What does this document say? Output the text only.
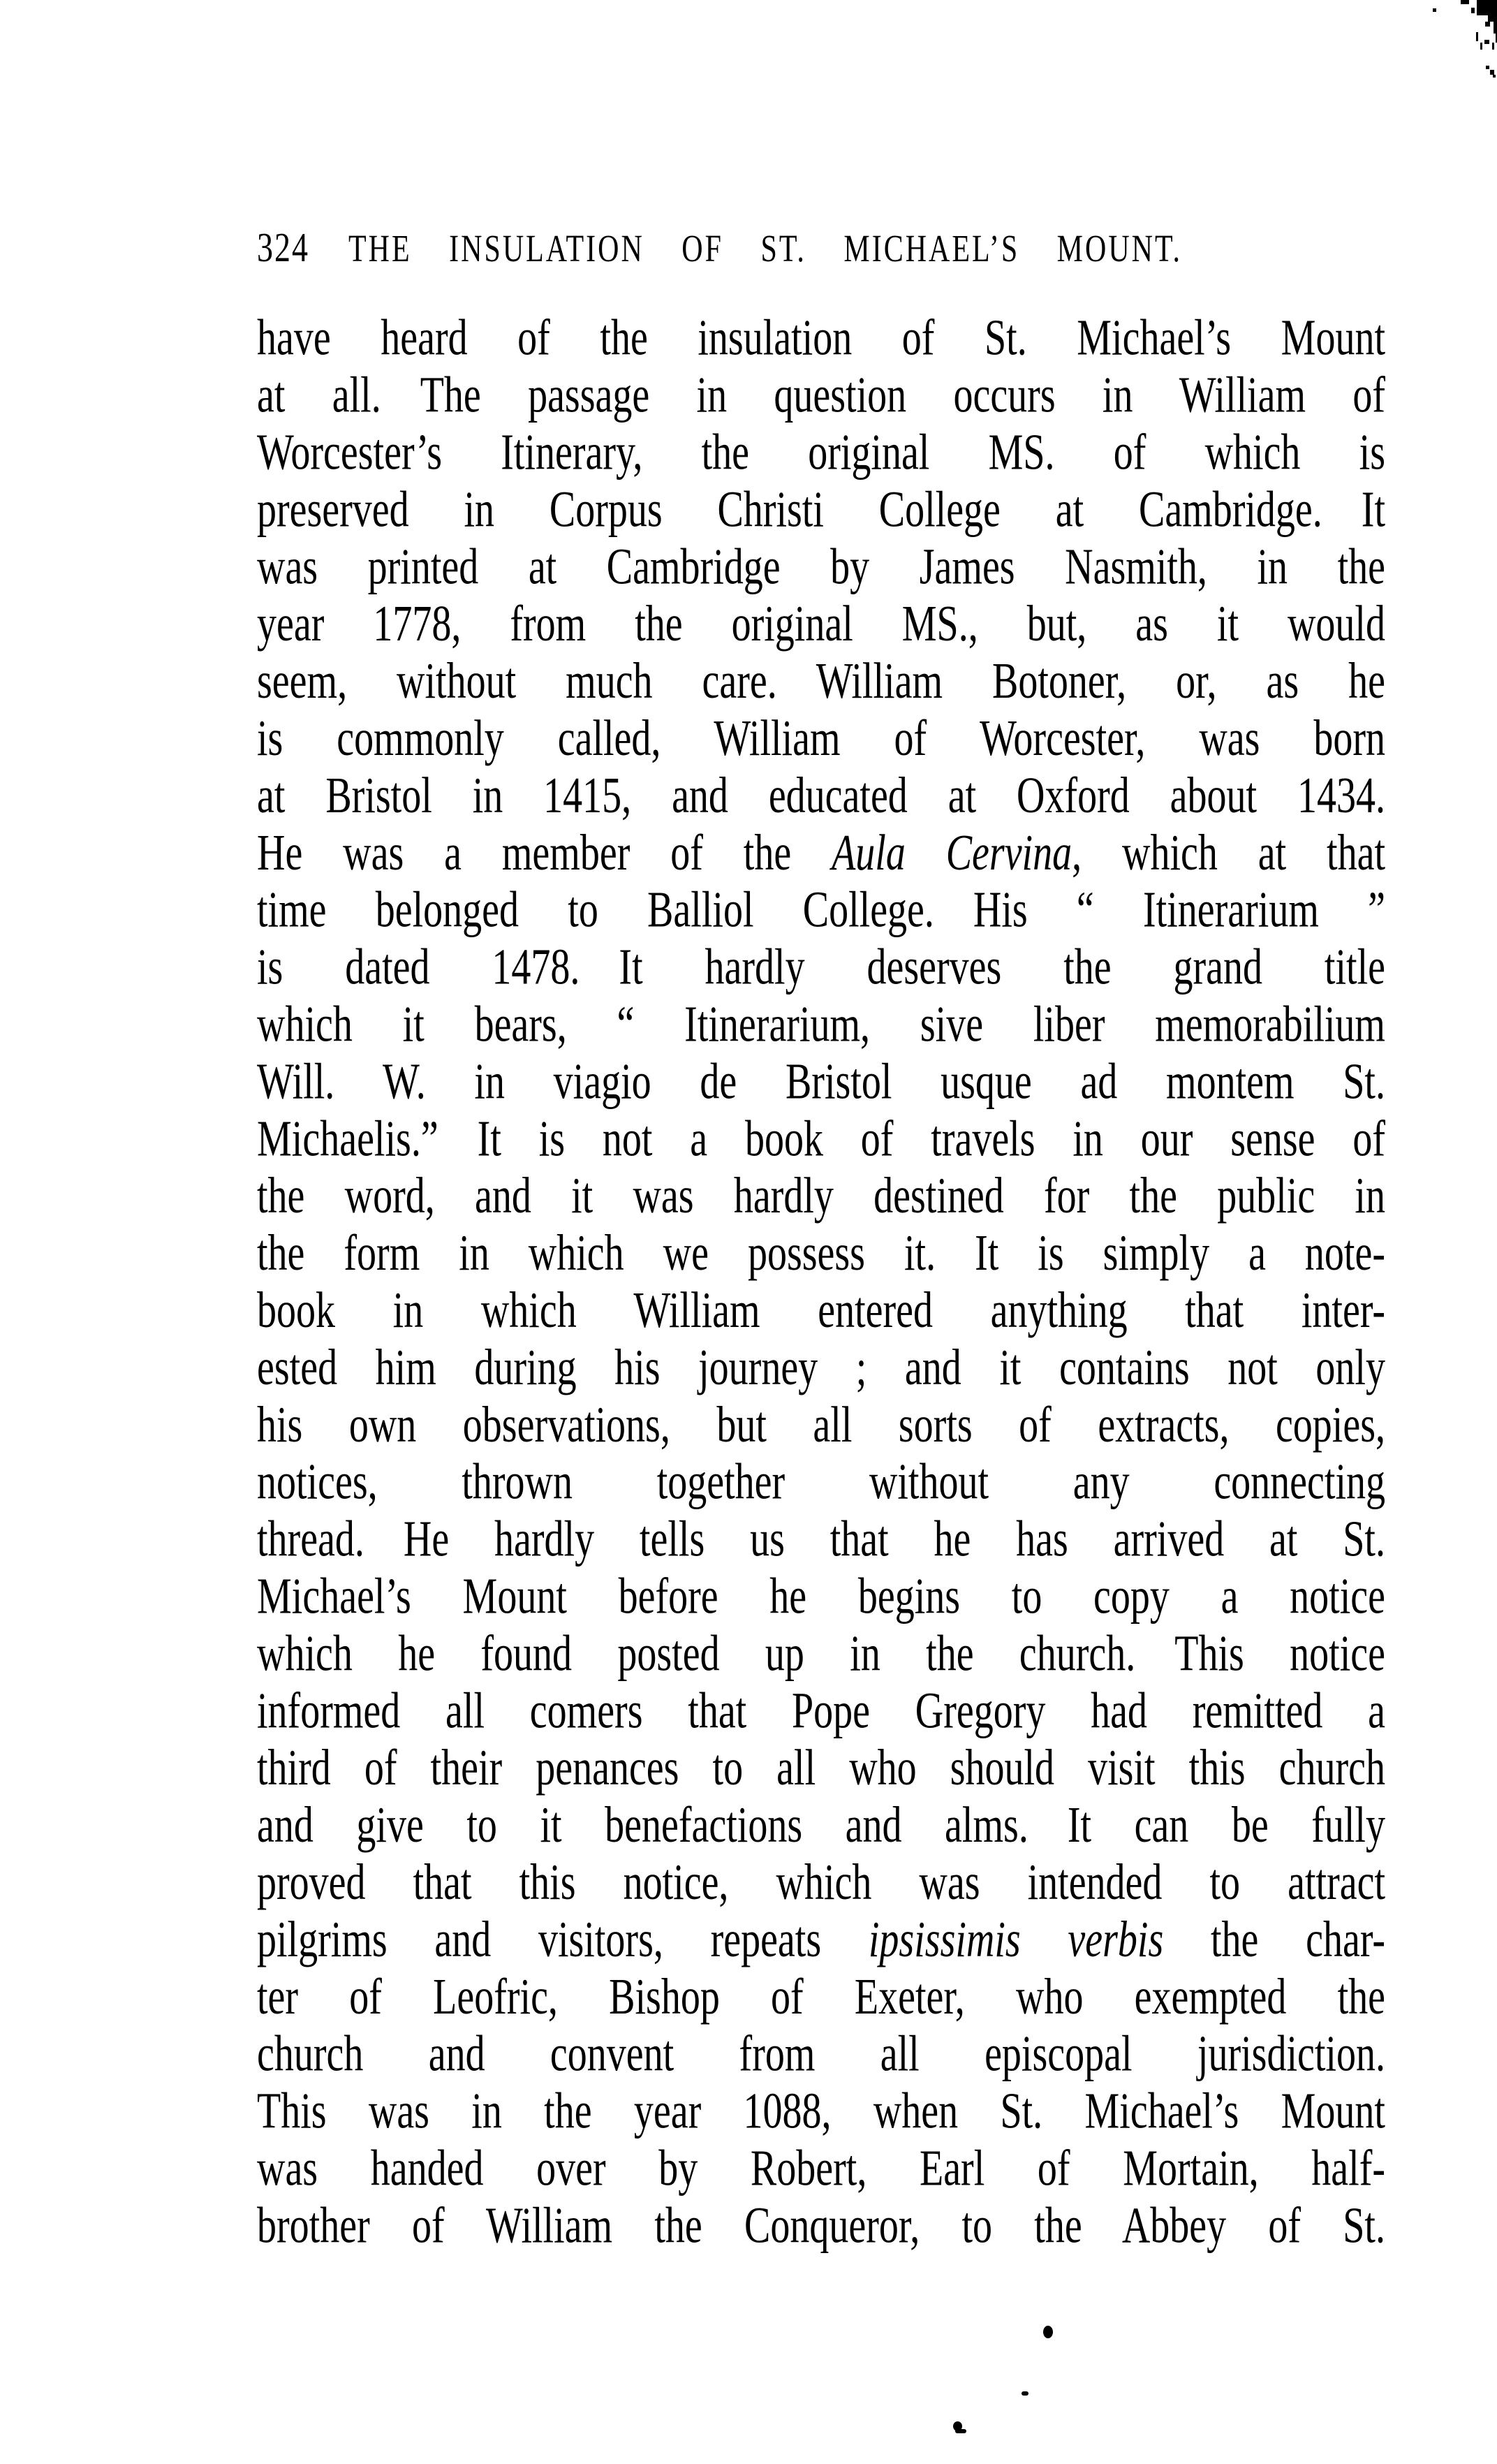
324 THE INSULATION OF ST. MICHAEL’S MOUNT.
have heard of the insulation of St. Michael’s Mount
at all. The passage in question occurs in William of
Worcester’s Itinerary, the original MS. of which is
preserved in Corpus Christi College at Cambridge. It
was printed at Cambridge by James Nasmith, in the
year 1778, from the original MS., but, as it would
seem, without much care. William Botoner, or, as he
is commonly called, William of Worcester, was born
at Bristol in 1415, and educated at Oxford about 1434.
He was a member of the Aula Cervina, which at that
time belonged to Balliol College. His “ Itinerarium ”
is dated 1478. It hardly deserves the grand title
which it bears, “ Itinerarium, sive liber memorabilium
Will. W. in viagio de Bristol usque ad montem St.
Michaelis.” It is not a book of travels in our sense of
the word, and it was hardly destined for the public in
the form in which we possess it. It is simply a note-
book in which William entered anything that inter-
ested him during his journey ; and it contains not only
his own observations, but all sorts of extracts, copies,
notices, thrown together without any connecting
thread. He hardly tells us that he has arrived at St.
Michael’s Mount before he begins to copy a notice
which he found posted up in the church. This notice
informed all comers that Pope Gregory had remitted a
third of their penances to all who should visit this church
and give to it benefactions and alms. It can be fully
proved that this notice, which was intended to attract
pilgrims and visitors, repeats ipsissimis verbis the char-
ter of Leofric, Bishop of Exeter, who exempted the
church and convent from all episcopal jurisdiction.
This was in the year 1088, when St. Michael’s Mount
was handed over by Robert, Earl of Mortain, half-
brother of William the Conqueror, to the Abbey of St.
